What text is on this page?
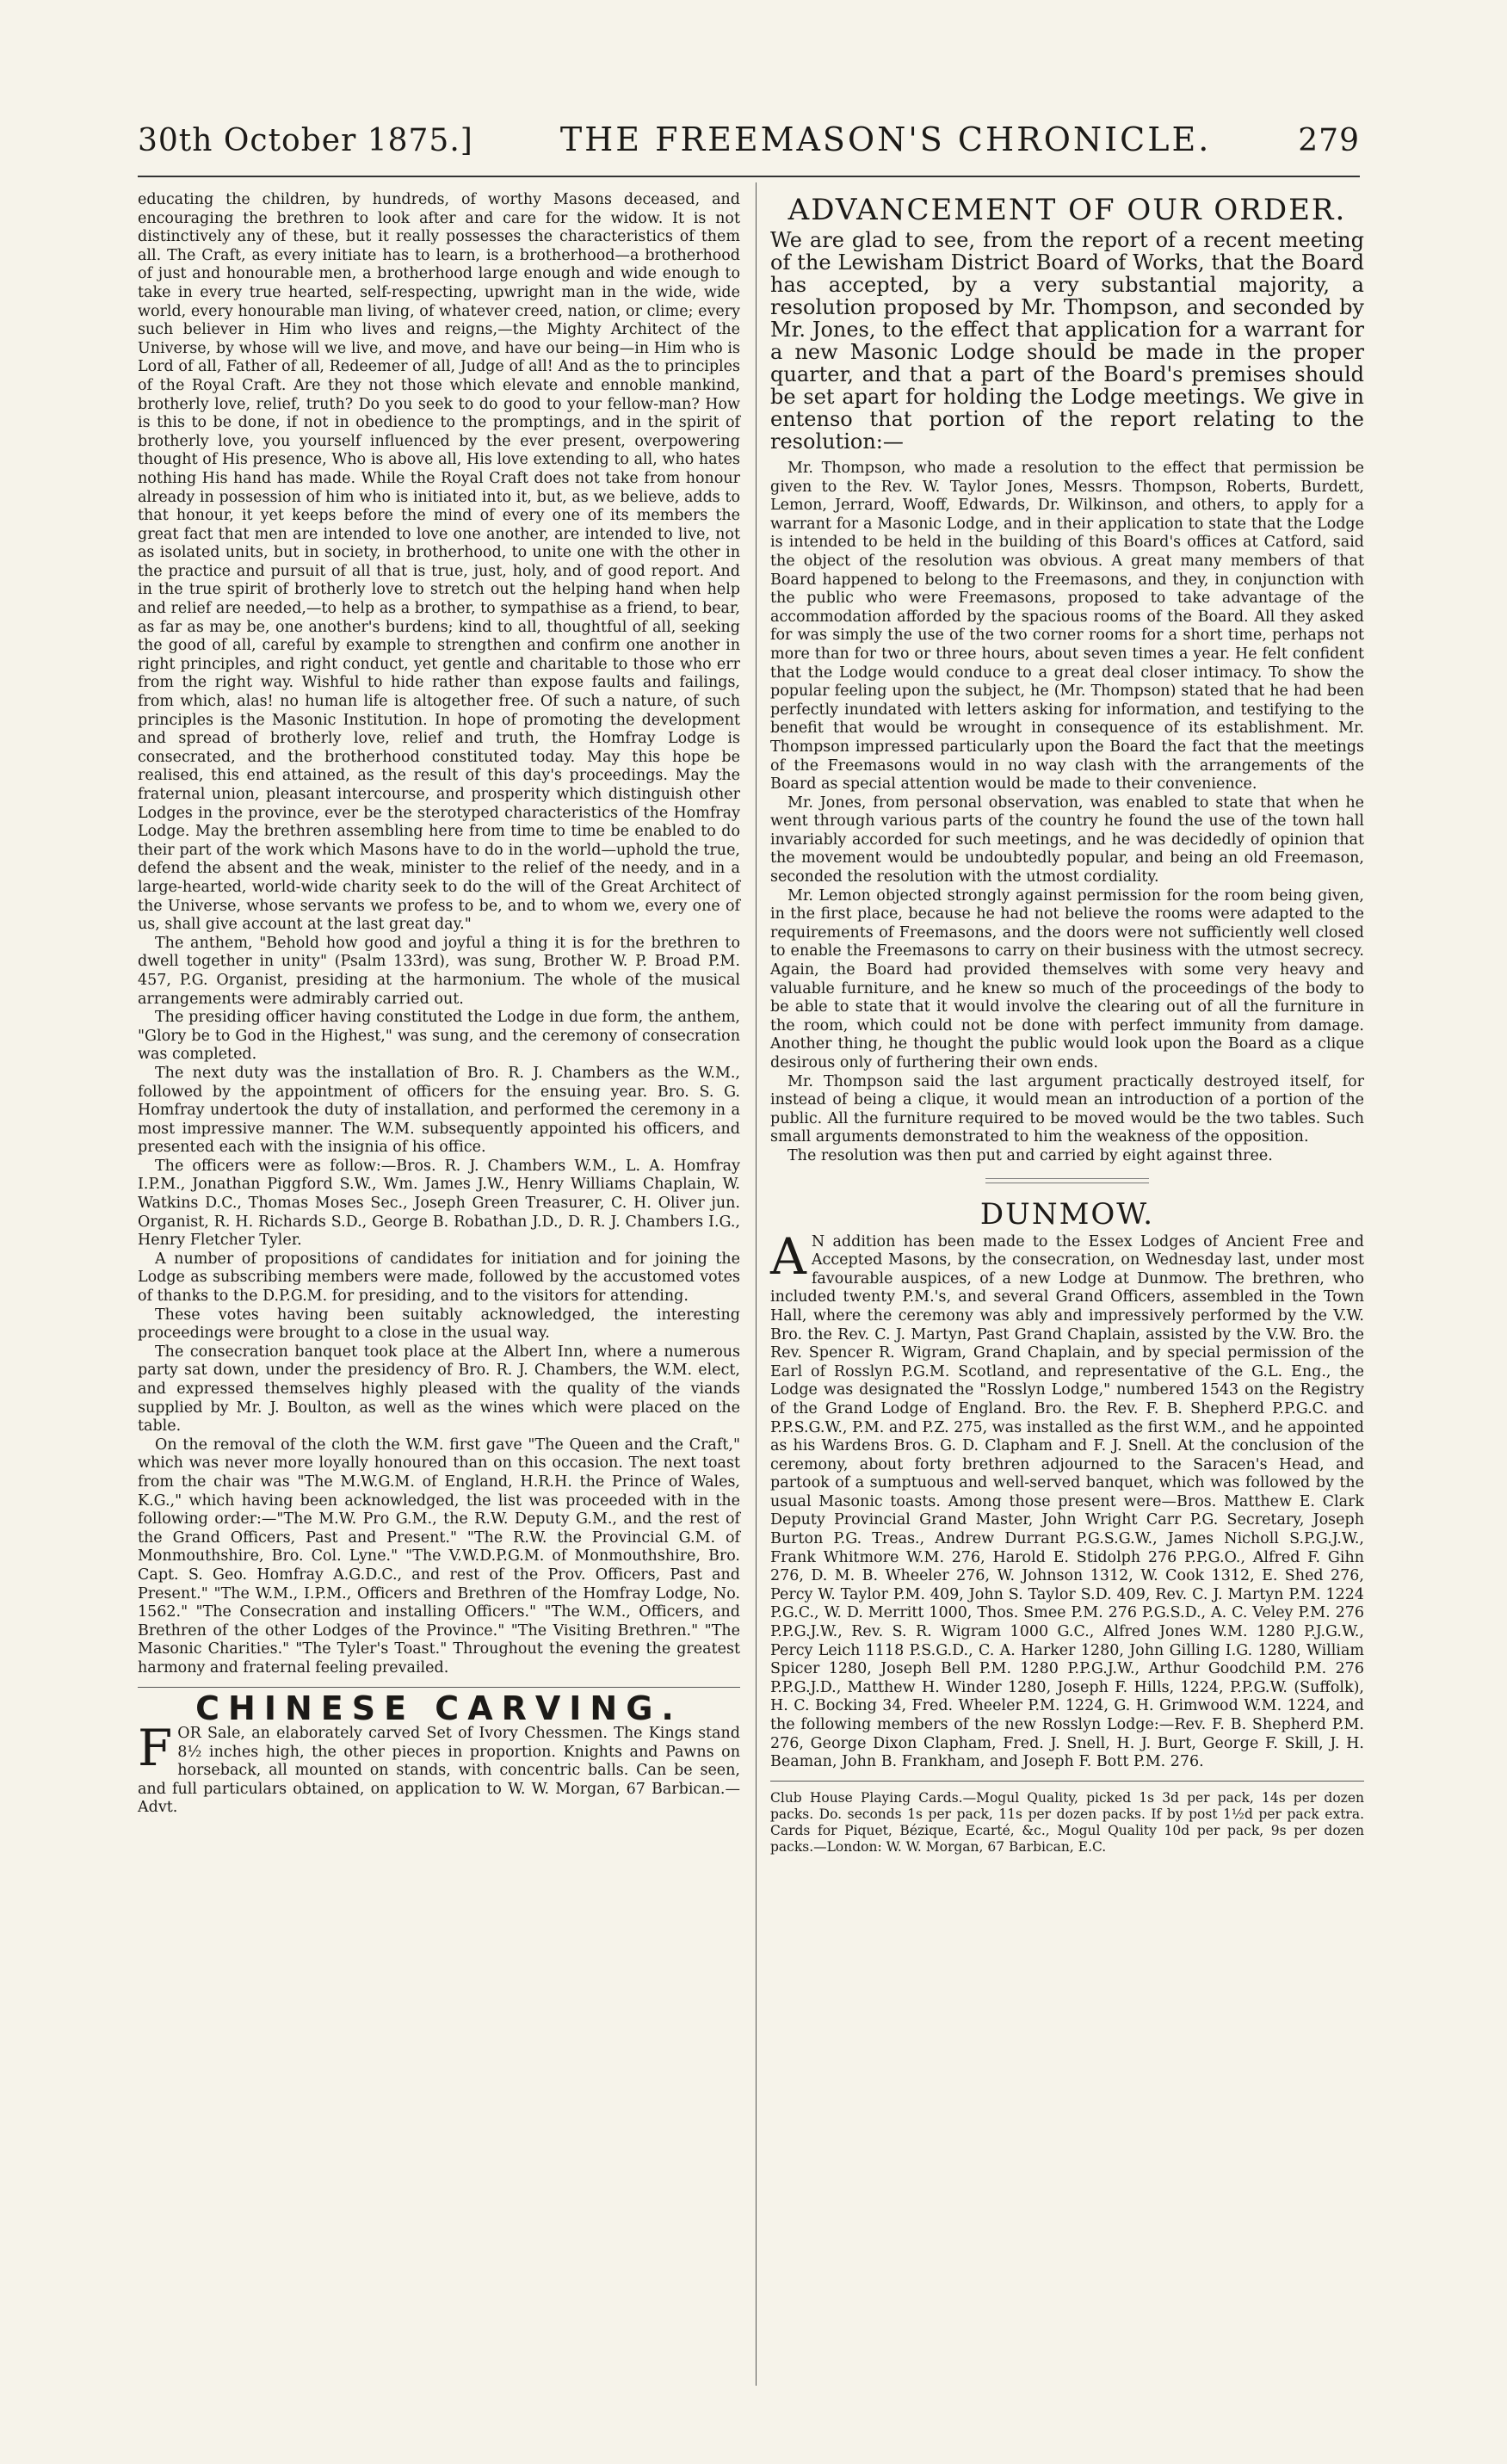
30th October 1875.]	THE FREEMASON'S CHRONICLE.	279

educating the children, by hundreds, of worthy Masons deceased, and encouraging the brethren to look after and care for the widow. It is not distinctively any of these, but it really possesses the characteristics of them all. The Craft, as every initiate has to learn, is a brotherhood—a brotherhood of just and honourable men, a brotherhood large enough and wide enough to take in every true hearted, self-respecting, upwright man in the wide, wide world, every honourable man living, of whatever creed, nation, or clime; every such believer in Him who lives and reigns,—the Mighty Architect of the Universe, by whose will we live, and move, and have our being—in Him who is Lord of all, Father of all, Redeemer of all, Judge of all! And as the to principles of the Royal Craft. Are they not those which elevate and ennoble mankind, brotherly love, relief, truth? Do you seek to do good to your fellow-man? How is this to be done, if not in obedience to the promptings, and in the spirit of brotherly love, you yourself influenced by the ever present, overpowering thought of His presence, Who is above all, His love extending to all, who hates nothing His hand has made. While the Royal Craft does not take from honour already in possession of him who is initiated into it, but, as we believe, adds to that honour, it yet keeps before the mind of every one of its members the great fact that men are intended to love one another, are intended to live, not as isolated units, but in society, in brotherhood, to unite one with the other in the practice and pursuit of all that is true, just, holy, and of good report. And in the true spirit of brotherly love to stretch out the helping hand when help and relief are needed,—to help as a brother, to sympathise as a friend, to bear, as far as may be, one another's burdens; kind to all, thoughtful of all, seeking the good of all, careful by example to strengthen and confirm one another in right principles, and right conduct, yet gentle and charitable to those who err from the right way. Wishful to hide rather than expose faults and failings, from which, alas! no human life is altogether free. Of such a nature, of such principles is the Masonic Institution. In hope of promoting the development and spread of brotherly love, relief and truth, the Homfray Lodge is consecrated, and the brotherhood constituted today. May this hope be realised, this end attained, as the result of this day's proceedings. May the fraternal union, pleasant intercourse, and prosperity which distinguish other Lodges in the province, ever be the sterotyped characteristics of the Homfray Lodge. May the brethren assembling here from time to time be enabled to do their part of the work which Masons have to do in the world—uphold the true, defend the absent and the weak, minister to the relief of the needy, and in a large-hearted, world-wide charity seek to do the will of the Great Architect of the Universe, whose servants we profess to be, and to whom we, every one of us, shall give account at the last great day."

The anthem, "Behold how good and joyful a thing it is for the brethren to dwell together in unity" (Psalm 133rd), was sung, Brother W. P. Broad P.M. 457, P.G. Organist, presiding at the harmonium. The whole of the musical arrangements were admirably carried out.

The presiding officer having constituted the Lodge in due form, the anthem, "Glory be to God in the Highest," was sung, and the ceremony of consecration was completed.

The next duty was the installation of Bro. R. J. Chambers as the W.M., followed by the appointment of officers for the ensuing year. Bro. S. G. Homfray undertook the duty of installation, and performed the ceremony in a most impressive manner. The W.M. subsequently appointed his officers, and presented each with the insignia of his office.

The officers were as follow:—Bros. R. J. Chambers W.M., L. A. Homfray I.P.M., Jonathan Piggford S.W., Wm. James J.W., Henry Williams Chaplain, W. Watkins D.C., Thomas Moses Sec., Joseph Green Treasurer, C. H. Oliver jun. Organist, R. H. Richards S.D., George B. Robathan J.D., D. R. J. Chambers I.G., Henry Fletcher Tyler.

A number of propositions of candidates for initiation and for joining the Lodge as subscribing members were made, followed by the accustomed votes of thanks to the D.P.G.M. for presiding, and to the visitors for attending.

These votes having been suitably acknowledged, the interesting proceedings were brought to a close in the usual way.

The consecration banquet took place at the Albert Inn, where a numerous party sat down, under the presidency of Bro. R. J. Chambers, the W.M. elect, and expressed themselves highly pleased with the quality of the viands supplied by Mr. J. Boulton, as well as the wines which were placed on the table.

On the removal of the cloth the W.M. first gave "The Queen and the Craft," which was never more loyally honoured than on this occasion. The next toast from the chair was "The M.W.G.M. of England, H.R.H. the Prince of Wales, K.G.," which having been acknowledged, the list was proceeded with in the following order:—"The M.W. Pro G.M., the R.W. Deputy G.M., and the rest of the Grand Officers, Past and Present." "The R.W. the Provincial G.M. of Monmouthshire, Bro. Col. Lyne." "The V.W.D.P.G.M. of Monmouthshire, Bro. Capt. S. Geo. Homfray A.G.D.C., and rest of the Prov. Officers, Past and Present." "The W.M., I.P.M., Officers and Brethren of the Homfray Lodge, No. 1562." "The Consecration and installing Officers." "The W.M., Officers, and Brethren of the other Lodges of the Province." "The Visiting Brethren." "The Masonic Charities." "The Tyler's Toast." Throughout the evening the greatest harmony and fraternal feeling prevailed.

CHINESE CARVING.

FOR Sale, an elaborately carved Set of Ivory Chessmen. The Kings stand 8½ inches high, the other pieces in proportion. Knights and Pawns on horseback, all mounted on stands, with concentric balls. Can be seen, and full particulars obtained, on application to W. W. Morgan, 67 Barbican.—Advt.

ADVANCEMENT OF OUR ORDER.

We are glad to see, from the report of a recent meeting of the Lewisham District Board of Works, that the Board has accepted, by a very substantial majority, a resolution proposed by Mr. Thompson, and seconded by Mr. Jones, to the effect that application for a warrant for a new Masonic Lodge should be made in the proper quarter, and that a part of the Board's premises should be set apart for holding the Lodge meetings. We give in entenso that portion of the report relating to the resolution:—

Mr. Thompson, who made a resolution to the effect that permission be given to the Rev. W. Taylor Jones, Messrs. Thompson, Roberts, Burdett, Lemon, Jerrard, Wooff, Edwards, Dr. Wilkinson, and others, to apply for a warrant for a Masonic Lodge, and in their application to state that the Lodge is intended to be held in the building of this Board's offices at Catford, said the object of the resolution was obvious. A great many members of that Board happened to belong to the Freemasons, and they, in conjunction with the public who were Freemasons, proposed to take advantage of the accommodation afforded by the spacious rooms of the Board. All they asked for was simply the use of the two corner rooms for a short time, perhaps not more than for two or three hours, about seven times a year. He felt confident that the Lodge would conduce to a great deal closer intimacy. To show the popular feeling upon the subject, he (Mr. Thompson) stated that he had been perfectly inundated with letters asking for information, and testifying to the benefit that would be wrought in consequence of its establishment. Mr. Thompson impressed particularly upon the Board the fact that the meetings of the Freemasons would in no way clash with the arrangements of the Board as special attention would be made to their convenience.

Mr. Jones, from personal observation, was enabled to state that when he went through various parts of the country he found the use of the town hall invariably accorded for such meetings, and he was decidedly of opinion that the movement would be undoubtedly popular, and being an old Freemason, seconded the resolution with the utmost cordiality.

Mr. Lemon objected strongly against permission for the room being given, in the first place, because he had not believe the rooms were adapted to the requirements of Freemasons, and the doors were not sufficiently well closed to enable the Freemasons to carry on their business with the utmost secrecy. Again, the Board had provided themselves with some very heavy and valuable furniture, and he knew so much of the proceedings of the body to be able to state that it would involve the clearing out of all the furniture in the room, which could not be done with perfect immunity from damage. Another thing, he thought the public would look upon the Board as a clique desirous only of furthering their own ends.

Mr. Thompson said the last argument practically destroyed itself, for instead of being a clique, it would mean an introduction of a portion of the public. All the furniture required to be moved would be the two tables. Such small arguments demonstrated to him the weakness of the opposition.

The resolution was then put and carried by eight against three.

DUNMOW.

A N addition has been made to the Essex Lodges of Ancient Free and Accepted Masons, by the consecration, on Wednesday last, under most favourable auspices, of a new Lodge at Dunmow. The brethren, who included twenty P.M.'s, and several Grand Officers, assembled in the Town Hall, where the ceremony was ably and impressively performed by the V.W. Bro. the Rev. C. J. Martyn, Past Grand Chaplain, assisted by the V.W. Bro. the Rev. Spencer R. Wigram, Grand Chaplain, and by special permission of the Earl of Rosslyn P.G.M. Scotland, and representative of the G.L. Eng., the Lodge was designated the "Rosslyn Lodge," numbered 1543 on the Registry of the Grand Lodge of England. Bro. the Rev. F. B. Shepherd P.P.G.C. and P.P.S.G.W., P.M. and P.Z. 275, was installed as the first W.M., and he appointed as his Wardens Bros. G. D. Clapham and F. J. Snell. At the conclusion of the ceremony, about forty brethren adjourned to the Saracen's Head, and partook of a sumptuous and well-served banquet, which was followed by the usual Masonic toasts. Among those present were—Bros. Matthew E. Clark Deputy Provincial Grand Master, John Wright Carr P.G. Secretary, Joseph Burton P.G. Treas., Andrew Durrant P.G.S.G.W., James Nicholl S.P.G.J.W., Frank Whitmore W.M. 276, Harold E. Stidolph 276 P.P.G.O., Alfred F. Gihn 276, D. M. B. Wheeler 276, W. Johnson 1312, W. Cook 1312, E. Shed 276, Percy W. Taylor P.M. 409, John S. Taylor S.D. 409, Rev. C. J. Martyn P.M. 1224 P.G.C., W. D. Merritt 1000, Thos. Smee P.M. 276 P.G.S.D., A. C. Veley P.M. 276 P.P.G.J.W., Rev. S. R. Wigram 1000 G.C., Alfred Jones W.M. 1280 P.J.G.W., Percy Leich 1118 P.S.G.D., C. A. Harker 1280, John Gilling I.G. 1280, William Spicer 1280, Joseph Bell P.M. 1280 P.P.G.J.W., Arthur Goodchild P.M. 276 P.P.G.J.D., Matthew H. Winder 1280, Joseph F. Hills, 1224, P.P.G.W. (Suffolk), H. C. Bocking 34, Fred. Wheeler P.M. 1224, G. H. Grimwood W.M. 1224, and the following members of the new Rosslyn Lodge:—Rev. F. B. Shepherd P.M. 276, George Dixon Clapham, Fred. J. Snell, H. J. Burt, George F. Skill, J. H. Beaman, John B. Frankham, and Joseph F. Bott P.M. 276.

Club House Playing Cards.—Mogul Quality, picked 1s 3d per pack, 14s per dozen packs. Do. seconds 1s per pack, 11s per dozen packs. If by post 1½d per pack extra. Cards for Piquet, Bézique, Ecarté, &c., Mogul Quality 10d per pack, 9s per dozen packs.—London: W. W. Morgan, 67 Barbican, E.C.
